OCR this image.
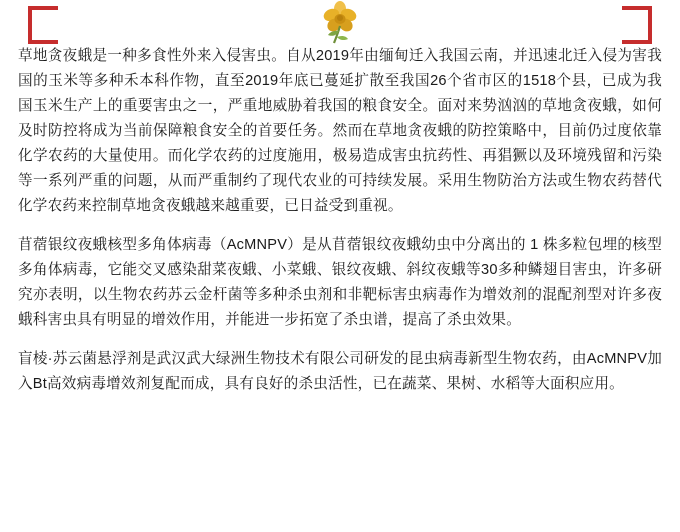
草地贪夜蛾是一种多食性外来入侵害虫。自从2019年由缅甸迁入我国云南，并迅速北迁入侵为害我国的玉米等多种禾本科作物，直至2019年底已蔓延扩散至我国26个省市区的1518个县，已成为我国玉米生产上的重要害虫之一，严重地威胁着我国的粮食安全。面对来势汹汹的草地贪夜蛾，如何及时防控将成为当前保障粮食安全的首要任务。然而在草地贪夜蛾的防控策略中，目前仍过度依靠化学农药的大量使用。而化学农药的过度施用，极易造成害虫抗药性、再猖獗以及环境残留和污染等一系列严重的问题，从而严重制约了现代农业的可持续发展。采用生物防治方法或生物农药替代化学农药来控制草地贪夜蛾越来越重要，已日益受到重视。

苜蓿银纹夜蛾核型多角体病毒（AcMNPV）是从苜蓿银纹夜蛾幼虫中分离出的 1 株多粒包埋的核型多角体病毒，它能交叉感染甜菜夜蛾、小菜蛾、银纹夜蛾、斜纹夜蛾等30多种鳞翅目害虫，许多研究亦表明，以生物农药苏云金杆菌等多种杀虫剂和非靶标害虫病毒作为增效剂的混配剂型对许多夜蛾科害虫具有明显的增效作用，并能进一步拓宽了杀虫谱，提高了杀虫效果。

盲棱·苏云菌悬浮剂是武汉武大绿洲生物技术有限公司研发的昆虫病毒新型生物农药，由AcMNPV加入Bt高效病毒增效剂复配而成，具有良好的杀虫活性，已在蔬菜、果树、水稻等大面积应用。
